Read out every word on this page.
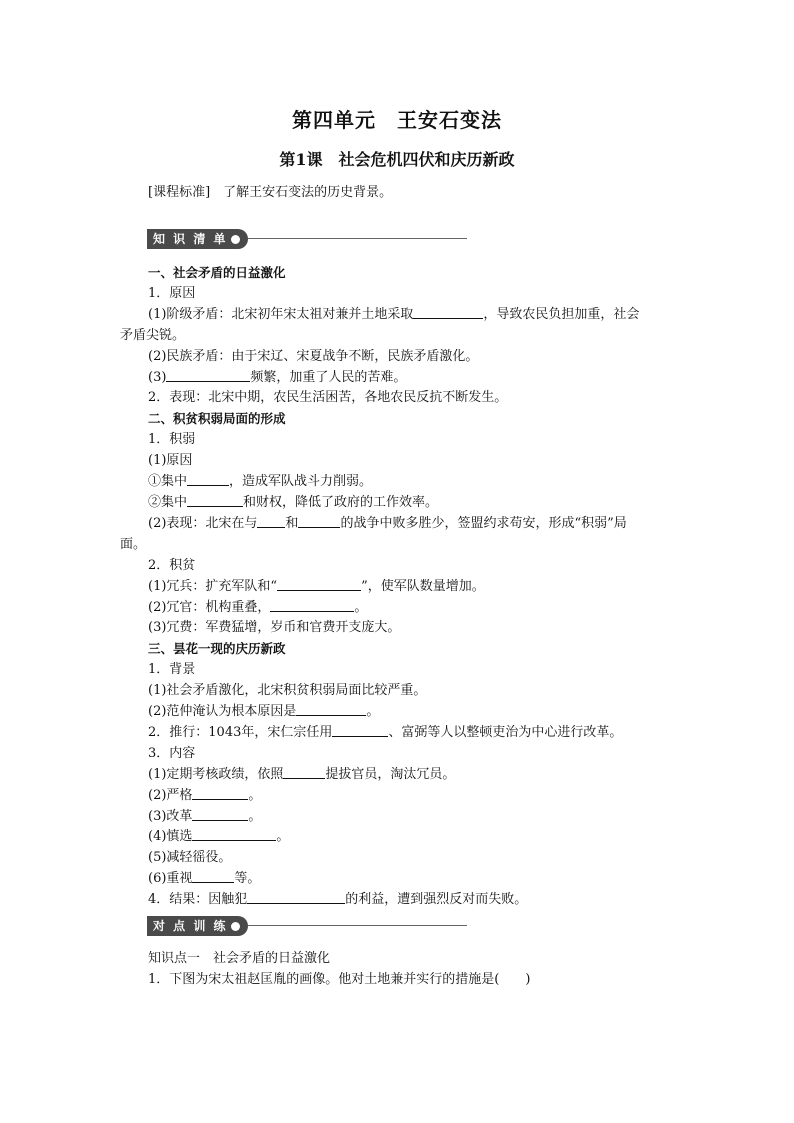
第四单元　王安石变法
第1课　社会危机四伏和庆历新政
[课程标准]　了解王安石变法的历史背景。
知 识 清 单
一、社会矛盾的日益激化
1．原因
(1)阶级矛盾：北宋初年宋太祖对兼并土地采取	，导致农民负担加重，社会
矛盾尖锐。
(2)民族矛盾：由于宋辽、宋夏战争不断，民族矛盾激化。
(3)	频繁，加重了人民的苦难。
2．表现：北宋中期，农民生活困苦，各地农民反抗不断发生。
二、积贫积弱局面的形成
1．积弱
(1)原因
①集中	，造成军队战斗力削弱。
②集中	和财权，降低了政府的工作效率。
(2)表现：北宋在与 和	的战争中败多胜少，签盟约求苟安，形成“积弱”局
面。
2．积贫
(1)冗兵：扩充军队和“	”，使军队数量增加。
(2)冗官：机构重叠，	。
(3)冗费：军费猛增，岁币和官费开支庞大。
三、昙花一现的庆历新政
1．背景
(1)社会矛盾激化，北宋积贫积弱局面比较严重。
(2)范仲淹认为根本原因是	。
2．推行：1043年，宋仁宗任用	、富弼等人以整顿吏治为中心进行改革。
3．内容
(1)定期考核政绩，依照	提拔官员，淘汰冗员。
(2)严格	。
(3)改革	。
(4)慎选	。
(5)减轻徭役。
(6)重视	等。
4．结果：因触犯	的利益，遭到强烈反对而失败。
对 点 训 练
知识点一　社会矛盾的日益激化
1．下图为宋太祖赵匡胤的画像。他对土地兼并实行的措施是(　　)
